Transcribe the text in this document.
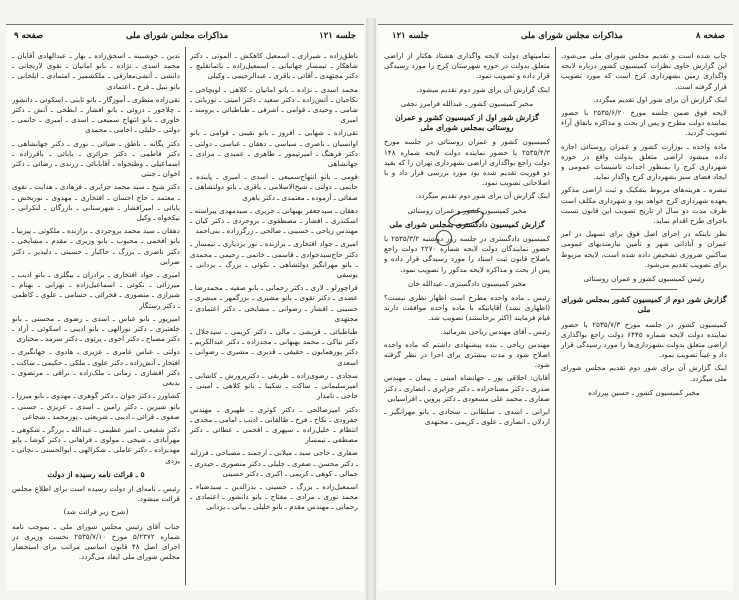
جلسه ۱۲۱
مذاکرات مجلس شورای ملی
صفحه ۹

ناطق‌زاده ـ شیرازی ـ اسمعیل کاهکش ـ الموتی ـ دکتر شاهکار ـ تیمسار جهانبانی ـ اسمعیل‌زاده ـ باتمانقلیچ ـ دکتر مجتهدی ـ آقائی ـ باقری ـ عبدالرحیمی ـ وکیلی

محمد اسدی ـ نژاده ـ بانو امانیان ـ کلاهی ـ لویچاخی ـ نکاحیان ـ آتش‌زاده ـ دکتر سعید ـ دکتر امینی ـ نوریانی ـ شامی ـ وحیدی ـ قوامی ـ اشرفی ـ طباطبائی ـ برومند ـ امیری

تقی‌زاده ـ شهابی ـ افروز ـ بانو نقیبی ـ قوامی ـ بانو اوانسیان ـ ناصری ـ سیاسی ـ دهقان ـ عباسی ـ دولتی ـ دکتر فرهنگ ـ امیرتیمور ـ طاهری ـ عمیدی ـ مرادی ـ جهانشاهی

قومی ـ بانو انتهاج‌سمیعی ـ اسدی ـ امیری ـ پاینده ـ حاتمی ـ دولتی ـ شیخ‌الاسلامی ـ باقری ـ بانو دولتشاهی ـ صفائی ـ آزموده ـ معتمدی ـ دکتر باهری

دهقان ـ سیدجعفر بهبهانی ـ حریری ـ سیدمهدی پیراسته ـ اسکندری ـ افشار ـ مصطفوی ـ بروجردی ـ دکتر کیان ـ مهندس ریاحی ـ حسینی ـ صالحی ـ زرگرزاده ـ بنی‌احمد

امیری ـ جواد افتخاری ـ برازنده ـ نور بردیاری ـ تیمسار ـ دکتر حاج‌سیدجوادی ـ قاسمی ـ خاتمی ـ رحیمی ـ محمدی ـ بانو مهرانگیز دولتشاهی ـ نکوئی ـ بزرگ ـ یزدانی ـ یوسفی

قراچورلو ـ لاری ـ دکتر رحمانی ـ بانو صفیه ـ محمدرضا ـ عضدی ـ دکتر تقوی ـ بانو مشیری ـ بزرگمهر ـ مبشری ـ حسینی ـ افشار ـ رضوانی ـ مشایخی ـ دکتر اعتمادی ـ مجتهدی

طباطبائی ـ قریشی ـ مالی ـ دکتر کریمی ـ سیدجلال ـ دکتر نیاکی ـ محمد بهبهانی ـ مجدزاده ـ دکتر عبدالکریم ـ دکتر پورهمایون ـ حقیقی ـ قدیری ـ مشیری ـ رضوانی ـ اسعدی

سجادی ـ رضوی‌زاده ـ ظریفی ـ دکترپرورش ـ کاشانی ـ امیرسلیمانی ـ ساکت ـ شکیبا ـ بانو کلاهی ـ امینی ـ حاجی ـ نامدار

دکتر امیرصالحی ـ دکتر کوثری ـ ظهیری ـ مهندس جفرودی ـ نکاح ـ فرخ ـ طالقانی ـ ادیب ـ امامی ـ مجدی ـ انتظام ـ خلیل‌زاده ـ سپهری ـ افخمی ـ عطائی ـ دکتر مصطفی ـ تیمسار

صفاری ـ حاجی سید ـ میلانی ـ ارجمند ـ مصباحی ـ فرزانه ـ دکتر محسن ـ صفری ـ جلیلی ـ دکتر منصوری ـ حیدری ـ جمالی ـ کوهی ـ کریمی ـ اکبری ـ دکتر حسینی

اسمعیل‌زاده ـ بزرگ ـ حسینی ـ بدرالدین ـ سیدضیاء ـ محمد نوری ـ مرادی ـ مفتاح ـ بانو دانشور ـ اعتمادی ـ رحمانی ـ مهندس مقدم ـ بانو خلیلی ـ بیاتی ـ یزدانی

تدین ـ خوشبینه ـ اسحق‌زاده ـ بهار ـ عبدالهادی آقایان ـ محمد اسدی ـ نژاده ـ بانو امانیان ـ نقوی لاریجانی ـ دانشی ـ آتشی‌معارفی ـ ملکشمیر ـ امتمادی ـ ایلخانی ـ بانو نبیل ـ فرخ ـ اعتمادی

تقی‌زاده منظری ـ آموزگار ـ بانو ثابتی ـ اسکوئی ـ دانشور ـ چلاجور ـ دروئی ـ بانو افشار ـ ابطحی ـ آتش ـ دکتر خاوری ـ بانو انتهاج سمیعی ـ اسدی ـ امیری ـ حاتمی ـ دولتی ـ خلیلی ـ اخامی ـ محمدی

دکتر یگانه ـ ناطق ـ ضیائی ـ نوری ـ دکتر جهانشاهی ـ دکتر فاطمی ـ دکتر جزائری ـ بابائی ـ باقرزاده ـ اسماعیلی ـ وطنخواه ـ آقابابائی ـ زرندی ـ رضائی ـ دکتر اخوان ـ جنتی

دکتر شیخ ـ سید محمد جزایری ـ فرهادی ـ هدایت ـ تقوی ـ معتمد ـ حاج احسان ـ افتخاری ـ مهدوی ـ نوربخش ـ بابائی ـ امیرافشار ـ شهرستانی ـ بازرگان ـ لنکرانی ـ نیکخواه ـ وکیل

دهقان ـ سید محمد بروجردی ـ برازنده ـ ملکوتی ـ پیرنیا ـ بانو افخمی ـ محبوب ـ بانو وزیری ـ مقدم ـ مشایخی ـ دکتر ناصری ـ بزرگ ـ خاکباز ـ حسینی ـ دلپذیر ـ دکتر ضرابی

امیری ـ جواد افتخاری ـ برادران ـ بیگلری ـ بانو ادیب ـ میرزائی ـ نکوئی ـ اسماعیل‌زاده ـ تهرانی ـ بهنام ـ شیرازی ـ منصوری ـ فخرائی ـ حسامی ـ علوی ـ کاظمی ـ دکتر رستگار

امیرپور ـ بانو عباس ـ اسدی ـ رضوی ـ محسنی ـ بانو خلعتبری ـ دکتر نورالهی ـ بانو ادیبی ـ اسکوئی ـ آزاد ـ دکتر مصباح ـ دکتر اخوی ـ پرتوی ـ دکتر سرمد ـ مختاری

دولتی ـ عباس عامری ـ عزیزی ـ هادوی ـ جهانگیری ـ افتخار ـ آتش‌زاده ـ دکتر علوی ـ ملکی ـ حکیمی ـ ساکت ـ دکتر افشاری ـ زمانی ـ ملک‌زاده ـ نراقی ـ مرتضوی ـ بدیعی

کشاورز ـ دکتر جوان ـ دکتر گوهری ـ مهدوی ـ بانو میرزا ـ بانو شیرین ـ دکتر رامین ـ اسدی ـ عزیزی ـ حسنی ـ صفوی ـ قرائی ـ ادیبی ـ شریعتی ـ پورمحمد ـ شجاعی

دکتر شفیعی ـ امیر عظیمی ـ عبدالله ـ برزگر ـ شکوهی ـ مهرآبادی ـ شیخی ـ مولوی ـ فراهانی ـ دکتر کوشا ـ بانو مهدیزاده ـ دکتر عاملی ـ شکرالهی ـ ابوالحسنی ـ نجاتی ـ یزدی

۵ ـ قرائت نامه رسیده از دولت

رئیس ـ نامه‌ای از دولت رسیده است برای اطلاع مجلس قرائت میشود.

(شرح زیر قرائت شد)

جناب آقای رئیس مجلس شورای ملی ـ بموجب نامه شماره ۵/۲۳۷۲ مورخ ۲۵۳۵/۷/۱۰ نخست وزیری در اجرای اصل ۴۸ قانون اساسی مراتب برای استحضار مجلس شورای ملی ایفاد می‌گردد.

صفحه ۸
مذاکرات مجلس شورای ملی
جلسه ۱۲۱

جاب شده است و تقدیم مجلس شورای ملی می‌شود. این گزارش حاوی نظرات کمیسیون کشور درباره لایحه واگذاری زمین بشهرداری کرج است که مورد تصویب قرار گرفته است.

اینک گزارش آن برای شور اول تقدیم میگردد.

لایحه فوق ضمن جلسه مورخ ۲۵۳۵/۶/۲۰ با حضور نماینده دولت مطرح و پس از بحث و مذاکره باتفاق آراء تصویب گردید.

ماده واحده ـ بوزارت کشور و عمران روستائی اجازه داده میشود اراضی متعلق بدولت واقع در حوزه شهرداری کرج را بمنظور احداث تاسیسات عمومی و ایجاد فضای سبز بشهرداری کرج واگذار نماید.

تبصره ـ هزینه‌های مربوط بتفکیک و ثبت اراضی مذکور بعهده شهرداری کرج خواهد بود و شهرداری مکلف است ظرف مدت دو سال از تاریخ تصویب این قانون نسبت باجرای طرح اقدام نماید.

نظر باینکه در اجرای اصل فوق برای تسهیل در امر عمران و آبادانی شهر و تأمین نیازمندیهای عمومی ساکنین ضروری تشخیص داده شده است، لایحه مربوط برای تصویب تقدیم می‌شود.

رئیس کمیسیون کشور و عمران روستائی
گزارش شور دوم از کمیسیون کشور بمجلس شورای ملی

کمیسیون کشور در جلسه مورخ ۲۵۳۵/۷/۳ با حضور نماینده دولت لایحه شماره ۶۴۴۵ دولت راجع بواگذاری اراضی متعلق بدولت بشهرداری‌ها را مورد رسیدگی قرار داد و عیناً تصویب نمود.

اینک گزارش آن برای شور دوم تقدیم مجلس شورای ملی میگردد.

مخبر کمیسیون کشور ـ حسین پیرزاده

تمامیتهای دولت لایحه واگذاری هشتاد هکتار از اراضی متعلق بدولت در حوزه شهرستان کرج را مورد رسیدگی قرار داده و تصویب نمود.

اینک گزارش آن برای شور دوم تقدیم میشود.

مخبر کمیسیون کشور ـ عبدالله فرامرز نجفی
گزارش شور اول از کمیسیون کشور و عمران روستائی بمجلس شورای ملی

کمیسیون کشور و عمران روستائی در جلسه مورخ ۲۵۳۵/۴/۳ با حضور نماینده دولت لایحه شماره ۱۴۸ دولت راجع بواگذاری اراضی بشهرداری تهران را که بقید دو فوریت تقدیم شده بود مورد بررسی قرار داد و با اصلاحاتی تصویب نمود.

اینک گزارش آن برای شور دوم تقدیم میگردد.

مخبر کمیسیون کشور و عمران روستائی
گزارش کمیسیون دادگستری بمجلس شورای ملی

کمیسیون دادگستری در جلسه روز دوشنبه ۲۵۳۵/۳/۲ با حضور نمایندگان دولت لایحه شماره ۲۲۷۰ دولت راجع باصلاح قانون ثبت اسناد را مورد رسیدگی قرار داده و پس از بحث و مذاکره لایحه مذکور را تصویب نمود.

مخبر کمیسیون دادگستری ـ عبدالله خان

رئیس ـ ماده واحده مطرح است اظهار نظری نیست؟ (اظهاری نشد) آقایانیکه با ماده واحده موافقت دارند قیام فرمایند (اکثر برخاستند) تصویب شد.

رئیس ـ آقای مهندس ریاحی بفرمائید.

مهندس ریاحی ـ بنده پیشنهادی داشتم که ماده واحده اصلاح شود و مدت بیشتری برای اجرا در نظر گرفته شود.

آقایان: اخلاقی پور ـ جهانشاه امینی ـ پیمان ـ مهندس صدری ـ دکتر مصباحزاده ـ دکتر جزایری ـ انصاری ـ دکتر صفاری ـ محمد علی مسعودی ـ دکتر پروین ـ افراسیابی

ایرانی ـ اسدی ـ سلطانی ـ سجادی ـ بانو مهرانگیز ـ اردلان ـ انصاری ـ علوی ـ کریمی ـ مجتهدی
